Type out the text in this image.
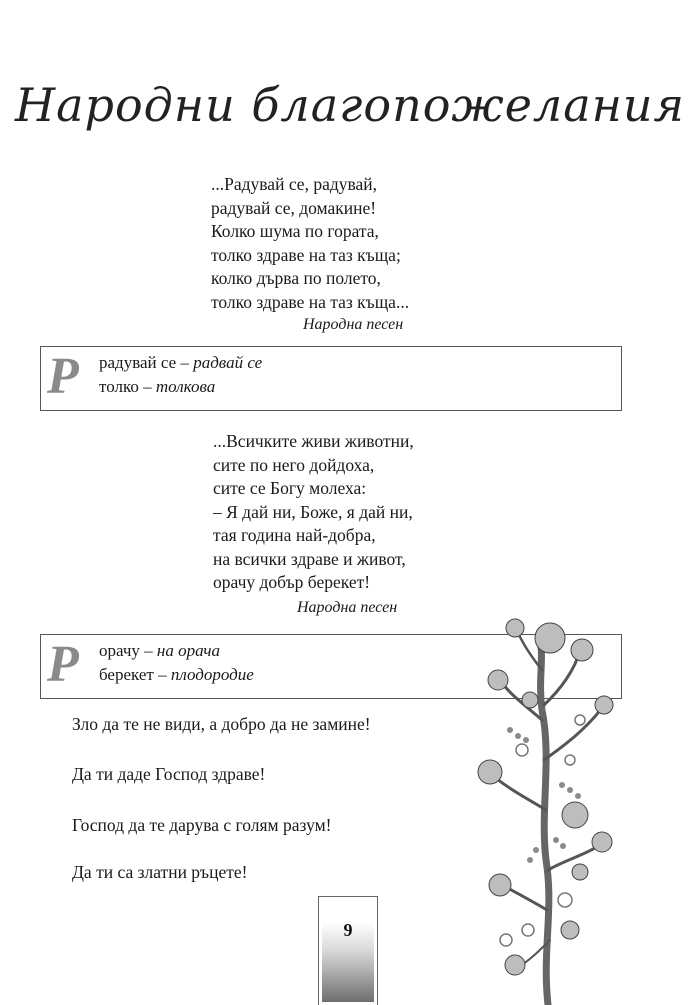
Народни благопожелания
...Радувай се, радувай,
радувай се, домакине!
Колко шума по гората,
толко здраве на таз къща;
колко дърва по полето,
толко здраве на таз къща...
Народна песен
Р радувай се – радвай се
толко – толкова
...Всичките живи животни,
сите по него дойдоха,
сите се Богу молеха:
– Я дай ни, Боже, я дай ни,
тая година най-добра,
на всички здраве и живот,
орачу добър берекет!
Народна песен
Р орачу – на орача
берекет – плодородие
Зло да те не види, а добро да не замине!
Да ти даде Господ здраве!
Господ да те дарува с голям разум!
Да ти са златни ръцете!
9
